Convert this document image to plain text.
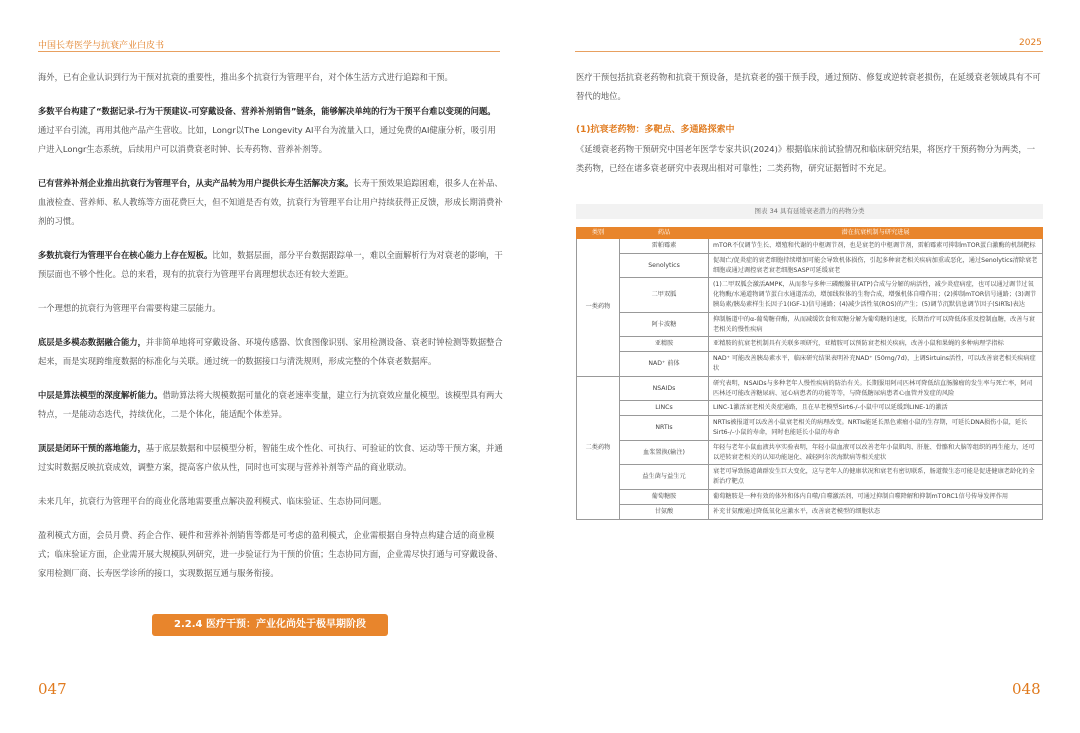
中国长寿医学与抗衰产业白皮书	2025

海外，已有企业认识到行为干预对抗衰的重要性，推出多个抗衰行为管理平台，对个体生活方式进行追踪和干预。

多数平台构建了“数据记录-行为干预建议-可穿戴设备、营养补剂销售”链条，能够解决单纯的行为干预平台难以变现的问题。通过平台引流，再用其他产品产生营收。比如，Longr以The Longevity AI平台为流量入口，通过免费的AI健康分析，吸引用户进入Longr生态系统，后续用户可以消费衰老时钟、长寿药物、营养补剂等。

已有营养补剂企业推出抗衰行为管理平台，从卖产品转为用户提供长寿生活解决方案。长寿干预效果追踪困难，很多人在补品、血液检查、营养师、私人教练等方面花费巨大，但不知道是否有效，抗衰行为管理平台让用户持续获得正反馈，形成长期消费补剂的习惯。

多数抗衰行为管理平台在核心能力上存在短板。比如，数据层面，部分平台数据跟踪单一，难以全面解析行为对衰老的影响，干预层面也不够个性化。总的来看，现有的抗衰行为管理平台离理想状态还有较大差距。

一个理想的抗衰行为管理平台需要构建三层能力。

底层是多模态数据融合能力，并非简单地将可穿戴设备、环境传感器、饮食图像识别、家用检测设备、衰老时钟检测等数据整合起来，而是实现跨维度数据的标准化与关联。通过统一的数据接口与清洗规则，形成完整的个体衰老数据库。

中层是算法模型的深度解析能力。借助算法将大规模数据可量化的衰老速率变量，建立行为抗衰效应量化模型。该模型具有两大特点，一是能动态迭代，持续优化，二是个体化，能适配个体差异。

顶层是闭环干预的落地能力，基于底层数据和中层模型分析，智能生成个性化、可执行、可验证的饮食、运动等干预方案，并通过实时数据反映抗衰成效，调整方案，提高客户依从性，同时也可实现与营养补剂等产品的商业联动。

未来几年，抗衰行为管理平台的商业化落地需要重点解决盈利模式、临床验证、生态协同问题。

盈利模式方面，会员月费、药企合作、硬件和营养补剂销售等都是可考虑的盈利模式，企业需根据自身特点构建合适的商业模式；临床验证方面，企业需开展大规模队列研究，进一步验证行为干预的价值；生态协同方面，企业需尽快打通与可穿戴设备、家用检测厂商、长寿医学诊所的接口，实现数据互通与服务衔接。

2.2.4 医疗干预：产业化尚处于极早期阶段

医疗干预包括抗衰老药物和抗衰干预设备，是抗衰老的强干预手段，通过预防、修复或逆转衰老损伤，在延缓衰老领域具有不可替代的地位。

(1)抗衰老药物：多靶点、多通路探索中

《延缓衰老药物干预研究中国老年医学专家共识(2024)》根据临床前试验情况和临床研究结果，将医疗干预药物分为两类，一类药物，已经在诸多衰老研究中表现出相对可靠性；二类药物，研究证据暂时不充足。

图表 34 具有延缓衰老潜力的药物分类
类别	药品	潜在抗衰机制与研究进展
一类药物	雷帕霉素	mTOR不仅调节生长、增殖和代谢的中枢调节剂，也是衰老的中枢调节剂，雷帕霉素可抑制mTOR蛋白激酶的机制靶标
	Senolytics	促凋亡/促炎症的衰老细胞持续增加可能会导致机体损伤，引起多种衰老相关疾病加重或恶化，通过Senolytics清除衰老细胞或通过调控衰老衰老细胞SASP可延缓衰老
	二甲双胍	(1)二甲双胍会激活AMPK，从而参与多种三磷酸腺苷(ATP)合成与分解的病活性，减少炎症病症，也可以通过调节过氧化物酶/水通道物调节蛋白水通道活动，增加线粒体的生物合成，增强机体自噬作用；(2)抑制mTOR信号通路；(3)调节胰岛素/胰岛素样生长因子1(IGF-1)信号通路；(4)减少活性氧(ROS)的产生；(5)调节沉默信息调节因子(SIRTs)表达
	阿卡波糖	抑制肠道中的α-葡萄糖苷酶，从而减缓饮食和双糖分解为葡萄糖的速度，长期治疗可以降低体重及控制血糖，改善与衰老相关的慢性疾病
	亚精胺	亚精胺的抗衰老机制具有关联多项研究，亚精胺可以预防衰老相关疾病，改善小鼠和果蝇的多种病理学指标
	NAD⁺ 前体	NAD⁺ 可能改善胰岛素水平，临床研究结果表明补充NAD⁺ (50mg/7d)，上调Sirtuins活性，可以改善衰老相关疾病症状
二类药物	NSAIDs	研究表明，NSAIDs与多种老年人慢性疾病的防治有关。长期服用阿司匹林可降低结直肠腺瘤的发生率与死亡率，阿司匹林还可能改善糖尿病、冠心病患者的功能等等，与降低糖尿病患者心血管并发症的风险
	LINCs	LINC-1激活衰老相关炎症通路，且在早老模型Sirt6-/-小鼠中可以延缓到LINE-1的激活
	NRTIs	NRTIs被报道可以改善小鼠衰老相关的病理改变。NRTIs能延长黑色素瘤小鼠的生存期，可延长DNA损伤小鼠，延长Sirt6-/-小鼠的寿命，同时也能延长小鼠的寿命
	血浆置换(输注)	年轻与老年小鼠血液共享实验表明，年轻小鼠血液可以改善老年小鼠肌肉、肝脏、骨骼和大脑等组织的再生能力，还可以逆转衰老相关的认知功能退化、减轻阿尔茨海默病等相关症状
	益生菌与益生元	衰老可导致肠道菌群发生巨大变化，这与老年人的健康状况和衰老有密切联系，肠道微生态可能是促进健康老龄化的全新治疗靶点
	葡萄糖胺	葡萄糖胺是一种有效的体外和体内自噬/自噬激活剂，可通过抑制自噬降解和抑制mTORC1信号传导发挥作用
	甘氨酸	补充甘氨酸通过降低氧化应激水平，改善衰老模型的细胞状态
047	048
